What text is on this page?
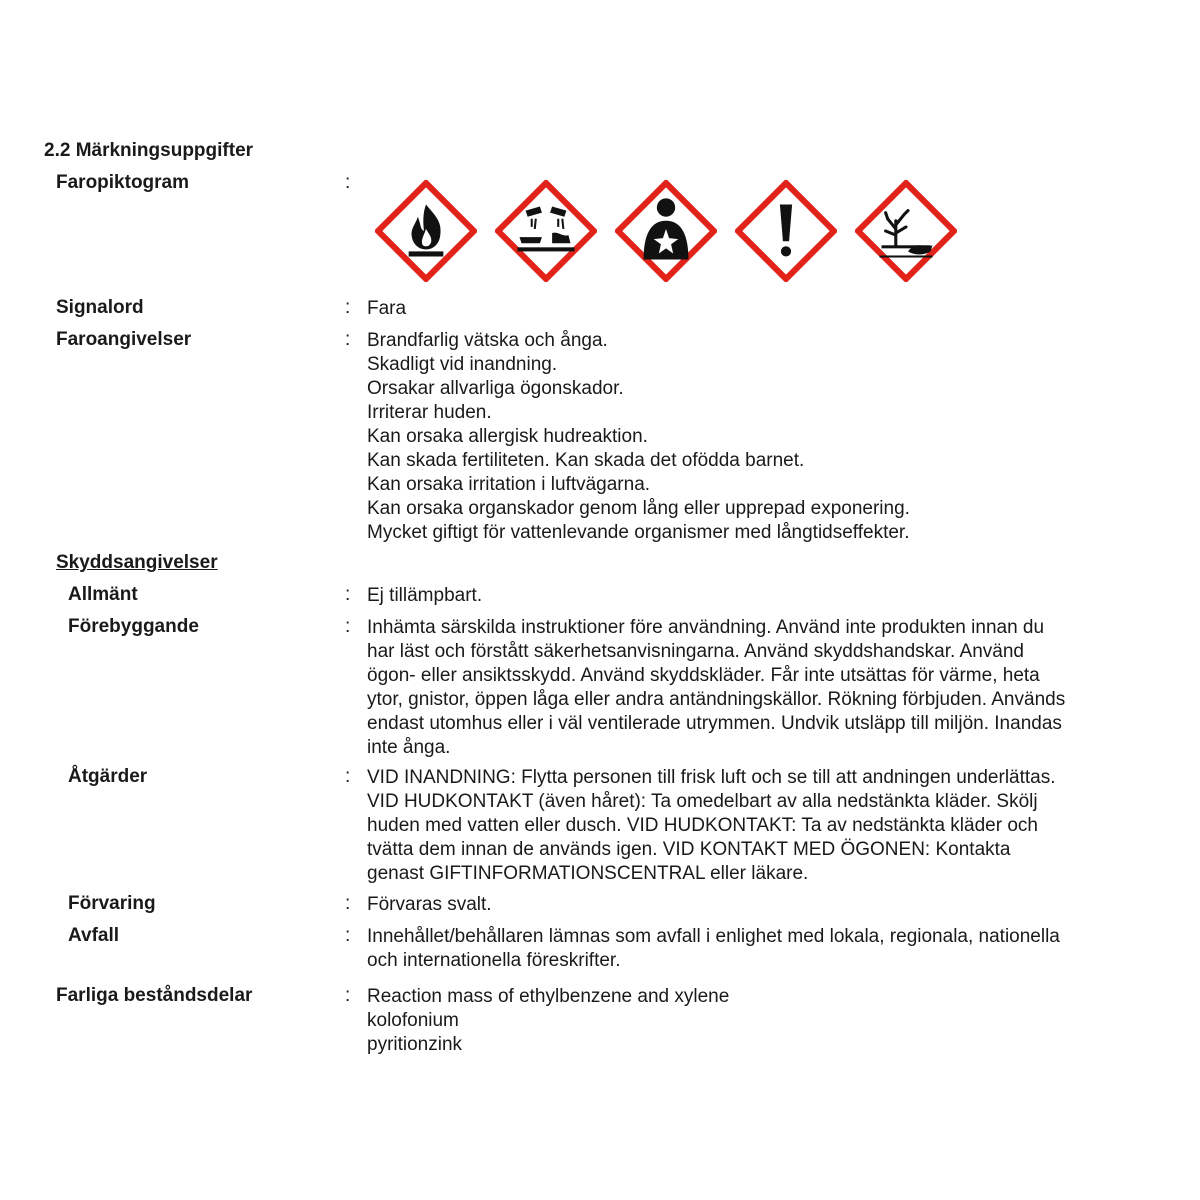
2.2 Märkningsuppgifter
Faropiktogram	:
Signalord	: Fara
Faroangivelser	: Brandfarlig vätska och ånga.
Skadligt vid inandning.
Orsakar allvarliga ögonskador.
Irriterar huden.
Kan orsaka allergisk hudreaktion.
Kan skada fertiliteten. Kan skada det ofödda barnet.
Kan orsaka irritation i luftvägarna.
Kan orsaka organskador genom lång eller upprepad exponering.
Mycket giftigt för vattenlevande organismer med långtidseffekter.
Skyddsangivelser
Allmänt	: Ej tillämpbart.
Förebyggande	: Inhämta särskilda instruktioner före användning. Använd inte produkten innan du
har läst och förstått säkerhetsanvisningarna. Använd skyddshandskar. Använd
ögon- eller ansiktsskydd. Använd skyddskläder. Får inte utsättas för värme, heta
ytor, gnistor, öppen låga eller andra antändningskällor. Rökning förbjuden. Används
endast utomhus eller i väl ventilerade utrymmen. Undvik utsläpp till miljön. Inandas
inte ånga.
Åtgärder	: VID INANDNING: Flytta personen till frisk luft och se till att andningen underlättas.
VID HUDKONTAKT (även håret): Ta omedelbart av alla nedstänkta kläder. Skölj
huden med vatten eller dusch. VID HUDKONTAKT: Ta av nedstänkta kläder och
tvätta dem innan de används igen. VID KONTAKT MED ÖGONEN: Kontakta
genast GIFTINFORMATIONSCENTRAL eller läkare.
Förvaring	: Förvaras svalt.
Avfall	: Innehållet/behållaren lämnas som avfall i enlighet med lokala, regionala, nationella
och internationella föreskrifter.
Farliga beståndsdelar	: Reaction mass of ethylbenzene and xylene
kolofonium
pyritionzink
